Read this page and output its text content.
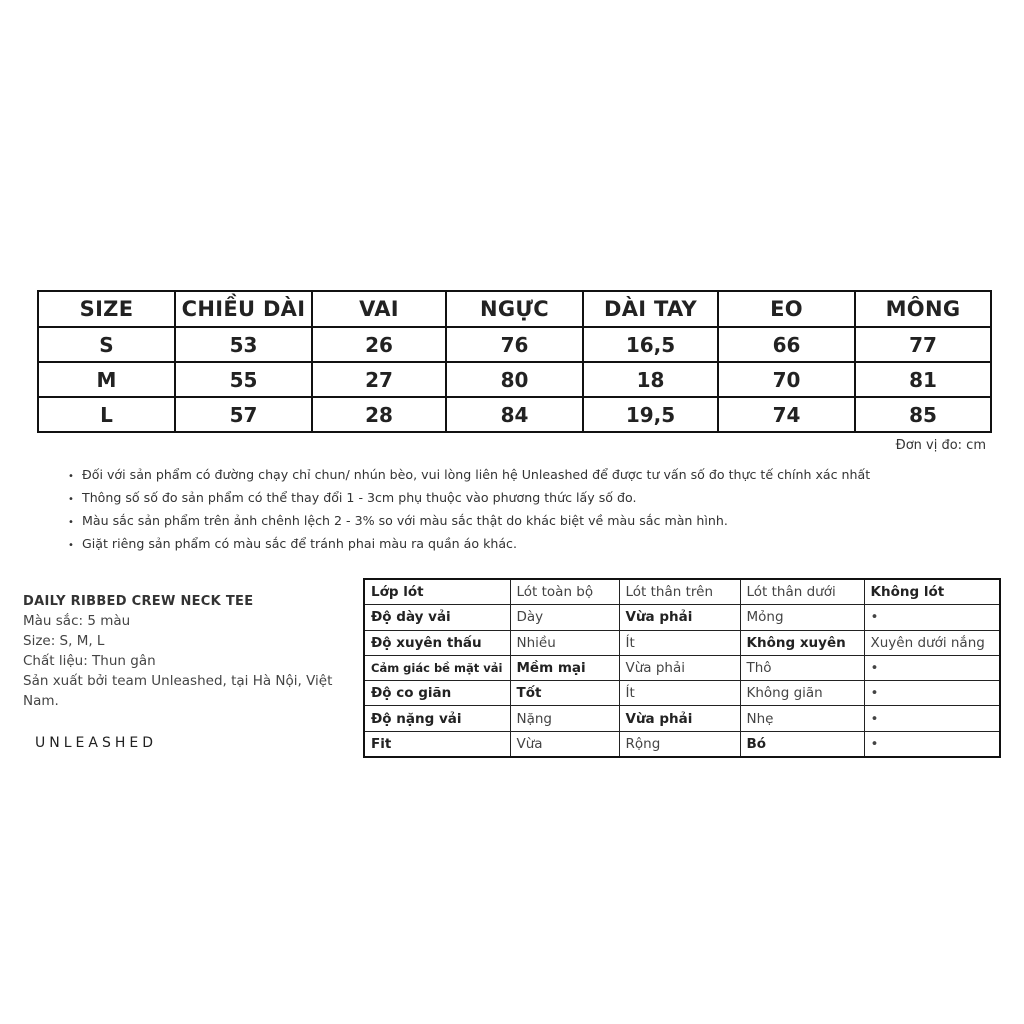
SIZE	CHIỀU DÀI	VAI	NGỰC	DÀI TAY	EO	MÔNG
S	53	26	76	16,5	66	77
M	55	27	80	18	70	81
L	57	28	84	19,5	74	85
Đơn vị đo: cm
• Đối với sản phẩm có đường chạy chỉ chun/ nhún bèo, vui lòng liên hệ Unleashed để được tư vấn số đo thực tế chính xác nhất
• Thông số số đo sản phẩm có thể thay đổi 1 - 3cm phụ thuộc vào phương thức lấy số đo.
• Màu sắc sản phẩm trên ảnh chênh lệch 2 - 3% so với màu sắc thật do khác biệt về màu sắc màn hình.
• Giặt riêng sản phẩm có màu sắc để tránh phai màu ra quần áo khác.
DAILY RIBBED CREW NECK TEE
Màu sắc: 5 màu
Size: S, M, L
Chất liệu: Thun gân
Sản xuất bởi team Unleashed, tại Hà Nội, Việt Nam.
UNLEASHED
Lớp lót	Lót toàn bộ	Lót thân trên	Lót thân dưới	Không lót
Độ dày vải	Dày	Vừa phải	Mỏng	•
Độ xuyên thấu	Nhiều	Ít	Không xuyên	Xuyên dưới nắng
Cảm giác bề mặt vải	Mềm mại	Vừa phải	Thô	•
Độ co giãn	Tốt	Ít	Không giãn	•
Độ nặng vải	Nặng	Vừa phải	Nhẹ	•
Fit	Vừa	Rộng	Bó	•
